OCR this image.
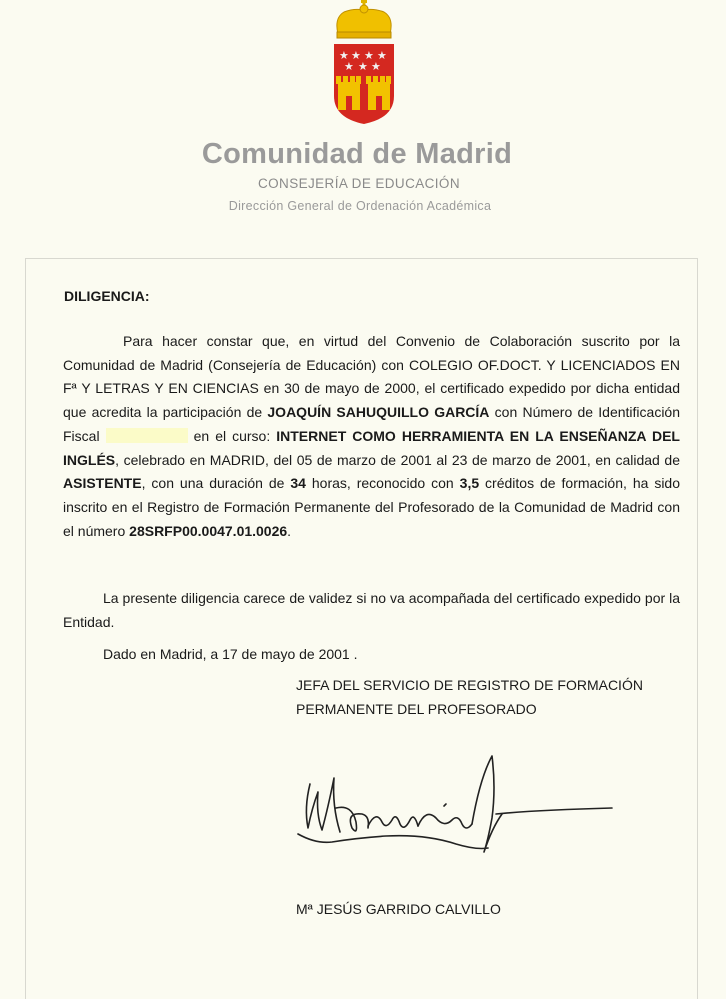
★ ★ ★ ★
★ ★ ★
Comunidad de Madrid
CONSEJERÍA DE EDUCACIÓN
Dirección General de Ordenación Académica
DILIGENCIA:
Para hacer constar que, en virtud del Convenio de Colaboración suscrito por la Comunidad de Madrid (Consejería de Educación) con COLEGIO OF.DOCT. Y LICENCIADOS EN Fª Y LETRAS Y EN CIENCIAS en 30 de mayo de 2000, el certificado expedido por dicha entidad que acredita la participación de JOAQUÍN SAHUQUILLO GARCÍA con Número de Identificación Fiscal	en el curso: INTERNET COMO HERRAMIENTA EN LA ENSEÑANZA DEL INGLÉS, celebrado en MADRID, del 05 de marzo de 2001 al 23 de marzo de 2001, en calidad de ASISTENTE, con una duración de 34 horas, reconocido con 3,5 créditos de formación, ha sido inscrito en el Registro de Formación Permanente del Profesorado de la Comunidad de Madrid con el número 28SRFP00.0047.01.0026.
La presente diligencia carece de validez si no va acompañada del certificado expedido por la Entidad.
Dado en Madrid, a 17 de mayo de 2001 .
JEFA DEL SERVICIO DE REGISTRO DE FORMACIÓN
PERMANENTE DEL PROFESORADO
Mª JESÚS GARRIDO CALVILLO
